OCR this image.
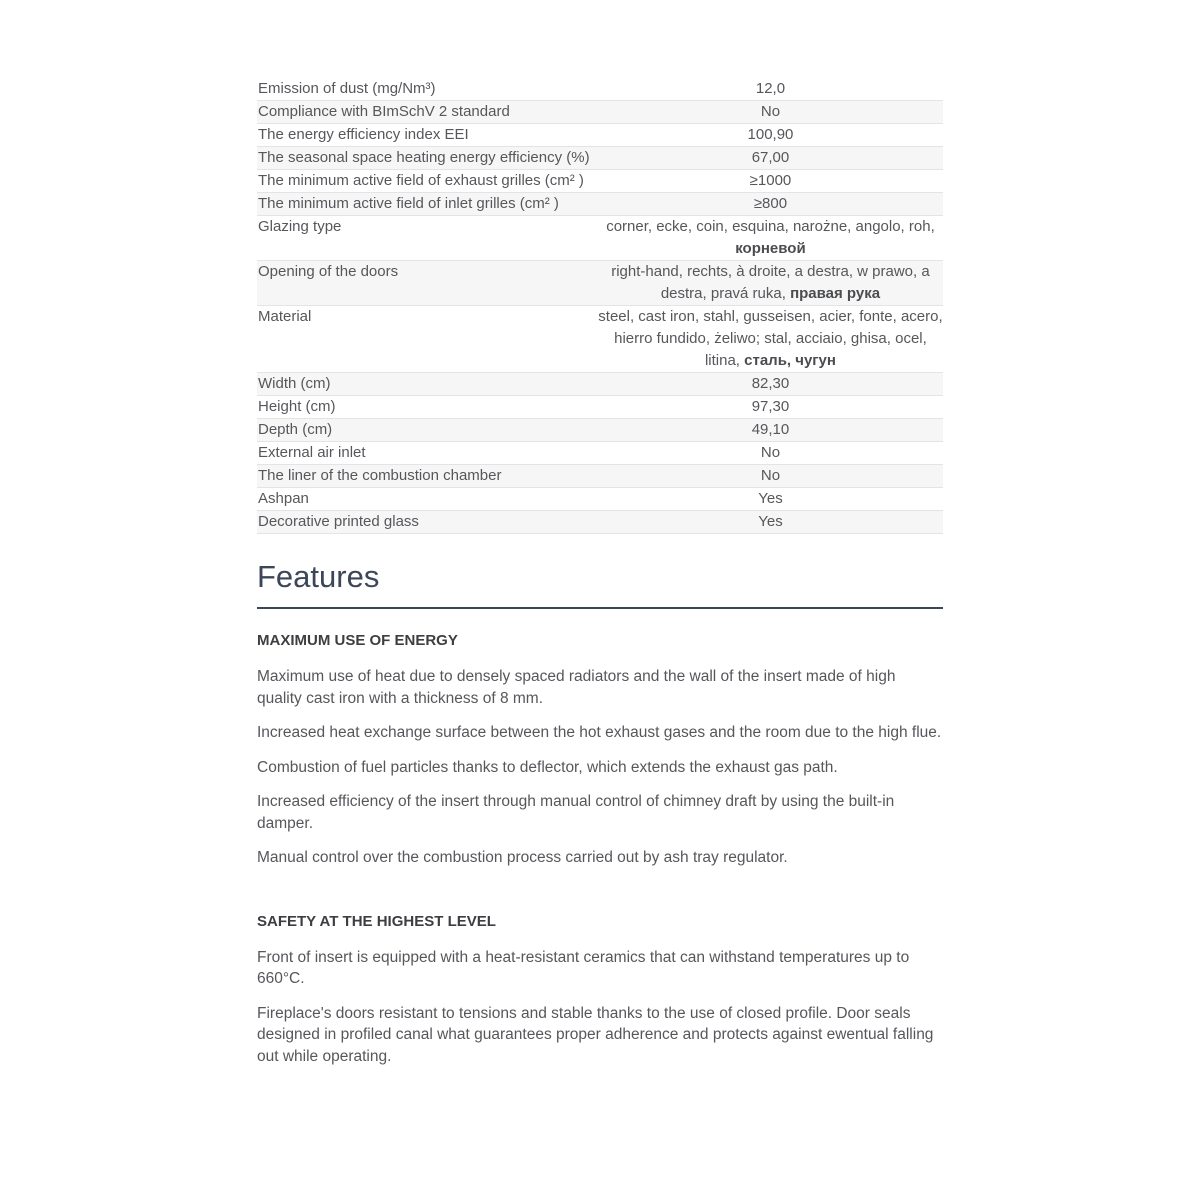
Emission of dust (mg/Nm³)	12,0
Compliance with BImSchV 2 standard	No
The energy efficiency index EEI	100,90
The seasonal space heating energy efficiency (%)	67,00
The minimum active field of exhaust grilles (cm² )	≥1000
The minimum active field of inlet grilles (cm² )	≥800
Glazing type	corner, ecke, coin, esquina, narożne, angolo, roh, корневой
Opening of the doors	right-hand, rechts, à droite, a destra, w prawo, a destra, pravá ruka, правая рука
Material	steel, cast iron, stahl, gusseisen, acier, fonte, acero, hierro fundido, żeliwo; stal, acciaio, ghisa, ocel, litina, сталь, чугун
Width (cm)	82,30
Height (cm)	97,30
Depth (cm)	49,10
External air inlet	No
The liner of the combustion chamber	No
Ashpan	Yes
Decorative printed glass	Yes
Features
MAXIMUM USE OF ENERGY

Maximum use of heat due to densely spaced radiators and the wall of the insert made of high quality cast iron with a thickness of 8 mm.

Increased heat exchange surface between the hot exhaust gases and the room due to the high flue.

Combustion of fuel particles thanks to deflector, which extends the exhaust gas path.

Increased efficiency of the insert through manual control of chimney draft by using the built-in damper.

Manual control over the combustion process carried out by ash tray regulator.

SAFETY AT THE HIGHEST LEVEL

Front of insert is equipped with a heat-resistant ceramics that can withstand temperatures up to 660°C.

Fireplace's doors resistant to tensions and stable thanks to the use of closed profile. Door seals designed in profiled canal what guarantees proper adherence and protects against ewentual falling out while operating.
